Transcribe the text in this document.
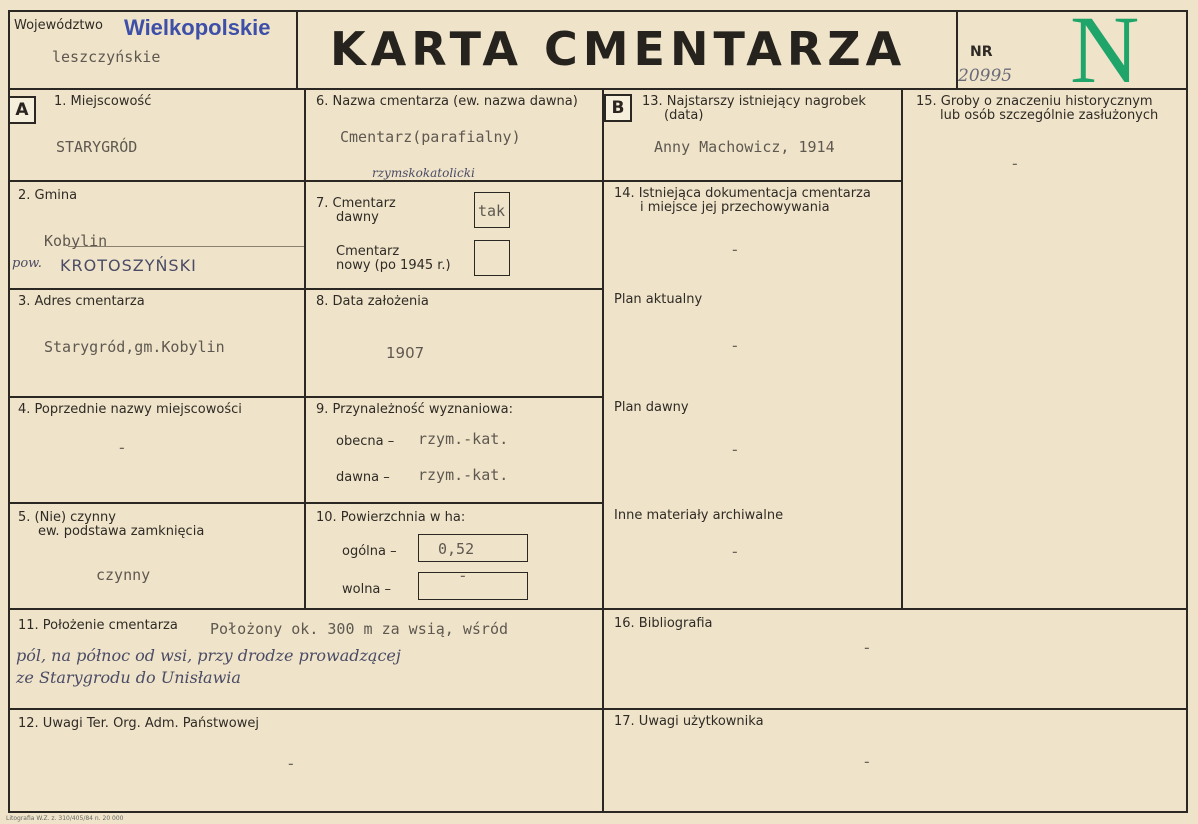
Województwo Wielkopolskie
leszczyńskie	KARTA CMENTARZA	NR
20995 N
A	B
1. Miejscowość
STARYGRÓD
2. Gmina
Kobylin
pow. KROTOSZYŃSKI
3. Adres cmentarza
Starygród,gm.Kobylin
4. Poprzednie nazwy miejscowości
-
5. (Nie) czynny
ew. podstawa zamknięcia
czynny
6. Nazwa cmentarza (ew. nazwa dawna)
Cmentarz(parafialny)
rzymskokatolicki
7. Cmentarz
dawny	tak
Cmentarz
nowy (po 1945 r.)
8. Data założenia
1907
9. Przynależność wyznaniowa:
obecna – rzym.-kat.
dawna – rzym.-kat.
10. Powierzchnia w ha:
ogólna –	0,52
wolna –
-
11. Położenie cmentarza Położony ok. 300 m za wsią, wśród
pól, na północ od wsi, przy drodze prowadzącej
ze Starygrodu do Unisławia
12. Uwagi Ter. Org. Adm. Państwowej
-
13. Najstarszy istniejący nagrobek
(data)
Anny Machowicz, 1914
14. Istniejąca dokumentacja cmentarza
i miejsce jej przechowywania
-
Plan aktualny
-
Plan dawny
-
Inne materiały archiwalne
-
15. Groby o znaczeniu historycznym
lub osób szczególnie zasłużonych
-
16. Bibliografia
-
17. Uwagi użytkownika
-
Litografia W.Z. z. 310/405/84 n. 20 000
